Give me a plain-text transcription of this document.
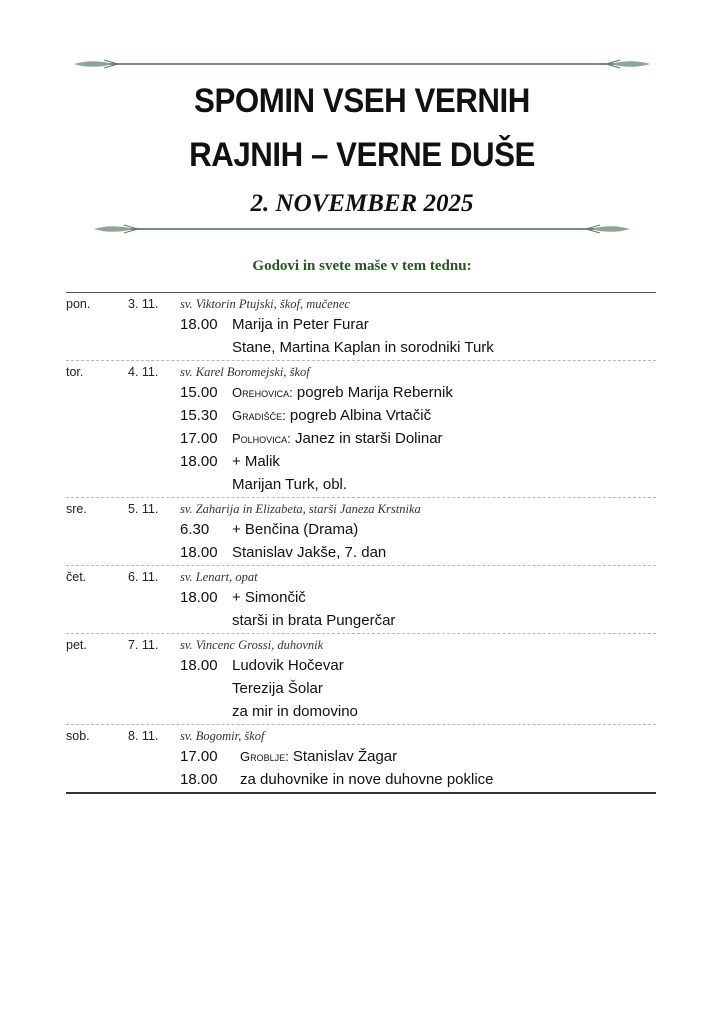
SPOMIN VSEH VERNIH
RAJNIH – VERNE DUŠE
2. NOVEMBER 2025
Godovi in svete maše v tem tednu:
pon.	3. 11. sv. Viktorin Ptujski, škof, mučenec
18.00 Marija in Peter Furar
Stane, Martina Kaplan in sorodniki Turk
tor.	4. 11. sv. Karel Boromejski, škof
15.00 Orehovica: pogreb Marija Rebernik
15.30 Gradišče: pogreb Albina Vrtačič
17.00 Polhovica: Janez in starši Dolinar
18.00 + Malik
Marijan Turk, obl.
sre.	5. 11. sv. Zaharija in Elizabeta, starši Janeza Krstnika
6.30 + Benčina (Drama)
18.00 Stanislav Jakše, 7. dan
čet.	6. 11. sv. Lenart, opat
18.00 + Simončič
starši in brata Pungerčar
pet.	7. 11. sv. Vincenc Grossi, duhovnik
18.00 Ludovik Hočevar
Terezija Šolar
za mir in domovino
sob.	8. 11. sv. Bogomir, škof
17.00 Groblje: Stanislav Žagar
18.00 za duhovnike in nove duhovne poklice
